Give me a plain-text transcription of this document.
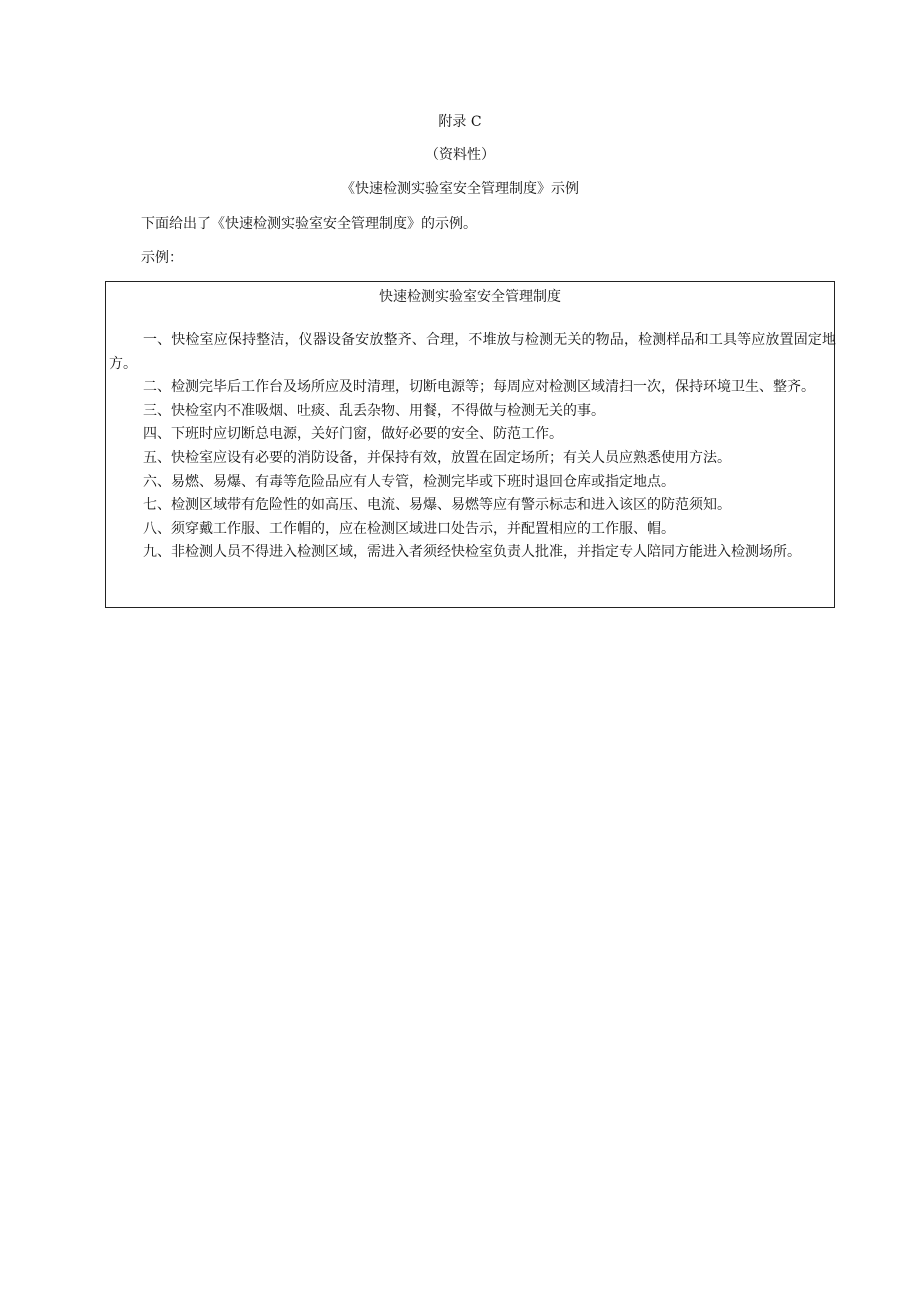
附录 C
（资料性）
《快速检测实验室安全管理制度》示例
下面给出了《快速检测实验室安全管理制度》的示例。
示例：
快速检测实验室安全管理制度
一、快检室应保持整洁，仪器设备安放整齐、合理，不堆放与检测无关的物品，检测样品和工具等应放置固定地方。
二、检测完毕后工作台及场所应及时清理，切断电源等；每周应对检测区域清扫一次，保持环境卫生、整齐。
三、快检室内不准吸烟、吐痰、乱丢杂物、用餐，不得做与检测无关的事。
四、下班时应切断总电源，关好门窗，做好必要的安全、防范工作。
五、快检室应设有必要的消防设备，并保持有效，放置在固定场所；有关人员应熟悉使用方法。
六、易燃、易爆、有毒等危险品应有人专管，检测完毕或下班时退回仓库或指定地点。
七、检测区域带有危险性的如高压、电流、易爆、易燃等应有警示标志和进入该区的防范须知。
八、须穿戴工作服、工作帽的，应在检测区域进口处告示，并配置相应的工作服、帽。
九、非检测人员不得进入检测区域，需进入者须经快检室负责人批准，并指定专人陪同方能进入检测场所。
